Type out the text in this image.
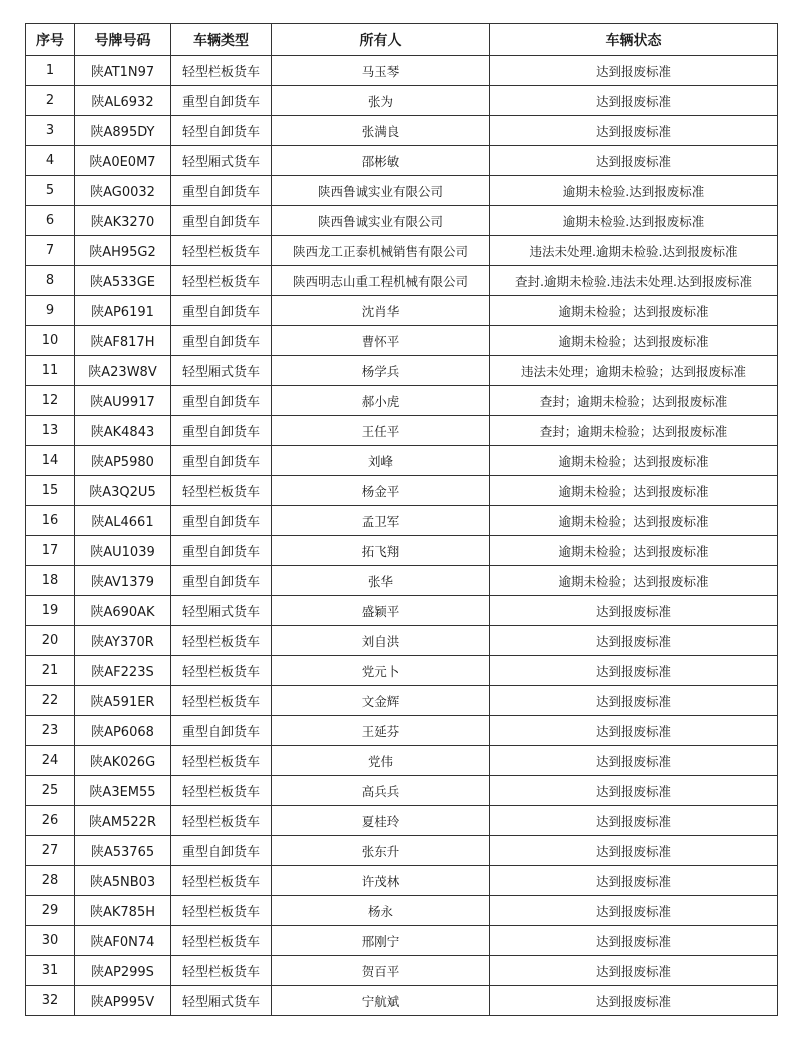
序号	号牌号码	车辆类型	所有人	车辆状态
1	陕AT1N97	轻型栏板货车	马玉琴	达到报废标准
2	陕AL6932	重型自卸货车	张为	达到报废标准
3	陕A895DY	轻型自卸货车	张满良	达到报废标准
4	陕A0E0M7	轻型厢式货车	邵彬敏	达到报废标准
5	陕AG0032	重型自卸货车	陕西鲁诚实业有限公司	逾期未检验.达到报废标准
6	陕AK3270	重型自卸货车	陕西鲁诚实业有限公司	逾期未检验.达到报废标准
7	陕AH95G2	轻型栏板货车	陕西龙工正泰机械销售有限公司	违法未处理.逾期未检验.达到报废标准
8	陕A533GE	轻型栏板货车	陕西明志山重工程机械有限公司	查封.逾期未检验.违法未处理.达到报废标准
9	陕AP6191	重型自卸货车	沈肖华	逾期未检验；达到报废标准
10	陕AF817H	重型自卸货车	曹怀平	逾期未检验；达到报废标准
11	陕A23W8V	轻型厢式货车	杨学兵	违法未处理；逾期未检验；达到报废标准
12	陕AU9917	重型自卸货车	郝小虎	查封；逾期未检验；达到报废标准
13	陕AK4843	重型自卸货车	王任平	查封；逾期未检验；达到报废标准
14	陕AP5980	重型自卸货车	刘峰	逾期未检验；达到报废标准
15	陕A3Q2U5	轻型栏板货车	杨金平	逾期未检验；达到报废标准
16	陕AL4661	重型自卸货车	孟卫军	逾期未检验；达到报废标准
17	陕AU1039	重型自卸货车	拓飞翔	逾期未检验；达到报废标准
18	陕AV1379	重型自卸货车	张华	逾期未检验；达到报废标准
19	陕A690AK	轻型厢式货车	盛颖平	达到报废标准
20	陕AY370R	轻型栏板货车	刘自洪	达到报废标准
21	陕AF223S	轻型栏板货车	党元卜	达到报废标准
22	陕A591ER	轻型栏板货车	文金辉	达到报废标准
23	陕AP6068	重型自卸货车	王延芬	达到报废标准
24	陕AK026G	轻型栏板货车	党伟	达到报废标准
25	陕A3EM55	轻型栏板货车	高兵兵	达到报废标准
26	陕AM522R	轻型栏板货车	夏桂玲	达到报废标准
27	陕A53765	重型自卸货车	张东升	达到报废标准
28	陕A5NB03	轻型栏板货车	许茂林	达到报废标准
29	陕AK785H	轻型栏板货车	杨永	达到报废标准
30	陕AF0N74	轻型栏板货车	邢刚宁	达到报废标准
31	陕AP299S	轻型栏板货车	贺百平	达到报废标准
32	陕AP995V	轻型厢式货车	宁航斌	达到报废标准
